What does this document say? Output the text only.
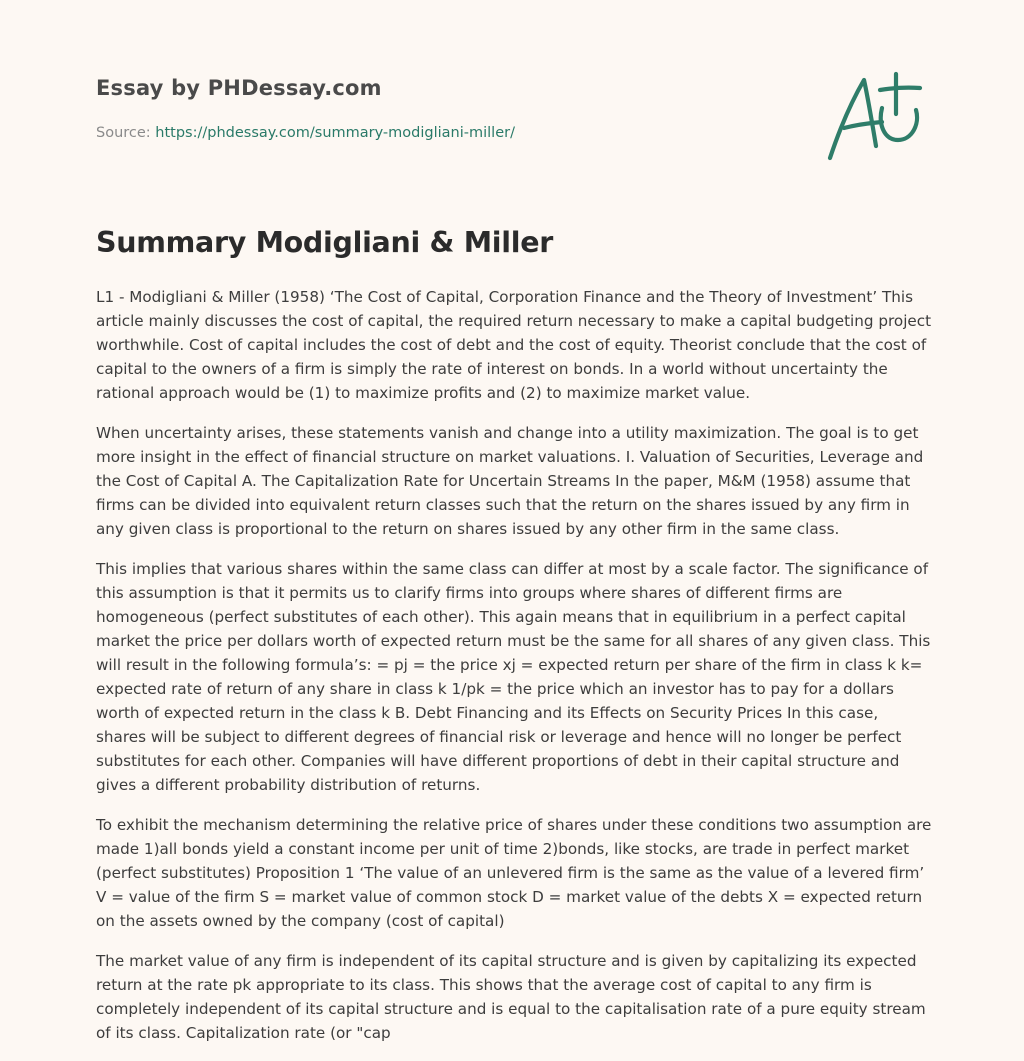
Essay by PHDessay.com
Source: https://phdessay.com/summary-modigliani-miller/
Summary Modigliani & Miller

L1 - Modigliani & Miller (1958) ‘The Cost of Capital, Corporation Finance and the Theory of Investment’ This article mainly discusses the cost of capital, the required return necessary to make a capital budgeting project worthwhile. Cost of capital includes the cost of debt and the cost of equity. Theorist conclude that the cost of capital to the owners of a firm is simply the rate of interest on bonds. In a world without uncertainty the rational approach would be (1) to maximize profits and (2) to maximize market value.

When uncertainty arises, these statements vanish and change into a utility maximization. The goal is to get more insight in the effect of financial structure on market valuations. I. Valuation of Securities, Leverage and the Cost of Capital A. The Capitalization Rate for Uncertain Streams In the paper, M&M (1958) assume that firms can be divided into equivalent return classes such that the return on the shares issued by any firm in any given class is proportional to the return on shares issued by any other firm in the same class.

This implies that various shares within the same class can differ at most by a scale factor. The significance of this assumption is that it permits us to clarify firms into groups where shares of different firms are homogeneous (perfect substitutes of each other). This again means that in equilibrium in a perfect capital market the price per dollars worth of expected return must be the same for all shares of any given class. This will result in the following formula’s: = pj = the price xj = expected return per share of the firm in class k k= expected rate of return of any share in class k 1/pk = the price which an investor has to pay for a dollars worth of expected return in the class k B. Debt Financing and its Effects on Security Prices In this case, shares will be subject to different degrees of financial risk or leverage and hence will no longer be perfect substitutes for each other. Companies will have different proportions of debt in their capital structure and gives a different probability distribution of returns.

To exhibit the mechanism determining the relative price of shares under these conditions two assumption are made 1)all bonds yield a constant income per unit of time 2)bonds, like stocks, are trade in perfect market (perfect substitutes) Proposition 1 ‘The value of an unlevered firm is the same as the value of a levered firm’ V = value of the firm S = market value of common stock D = market value of the debts X = expected return on the assets owned by the company (cost of capital)

The market value of any firm is independent of its capital structure and is given by capitalizing its expected return at the rate pk appropriate to its class. This shows that the average cost of capital to any firm is completely independent of its capital structure and is equal to the capitalisation rate of a pure equity stream of its class. Capitalization rate (or "cap
